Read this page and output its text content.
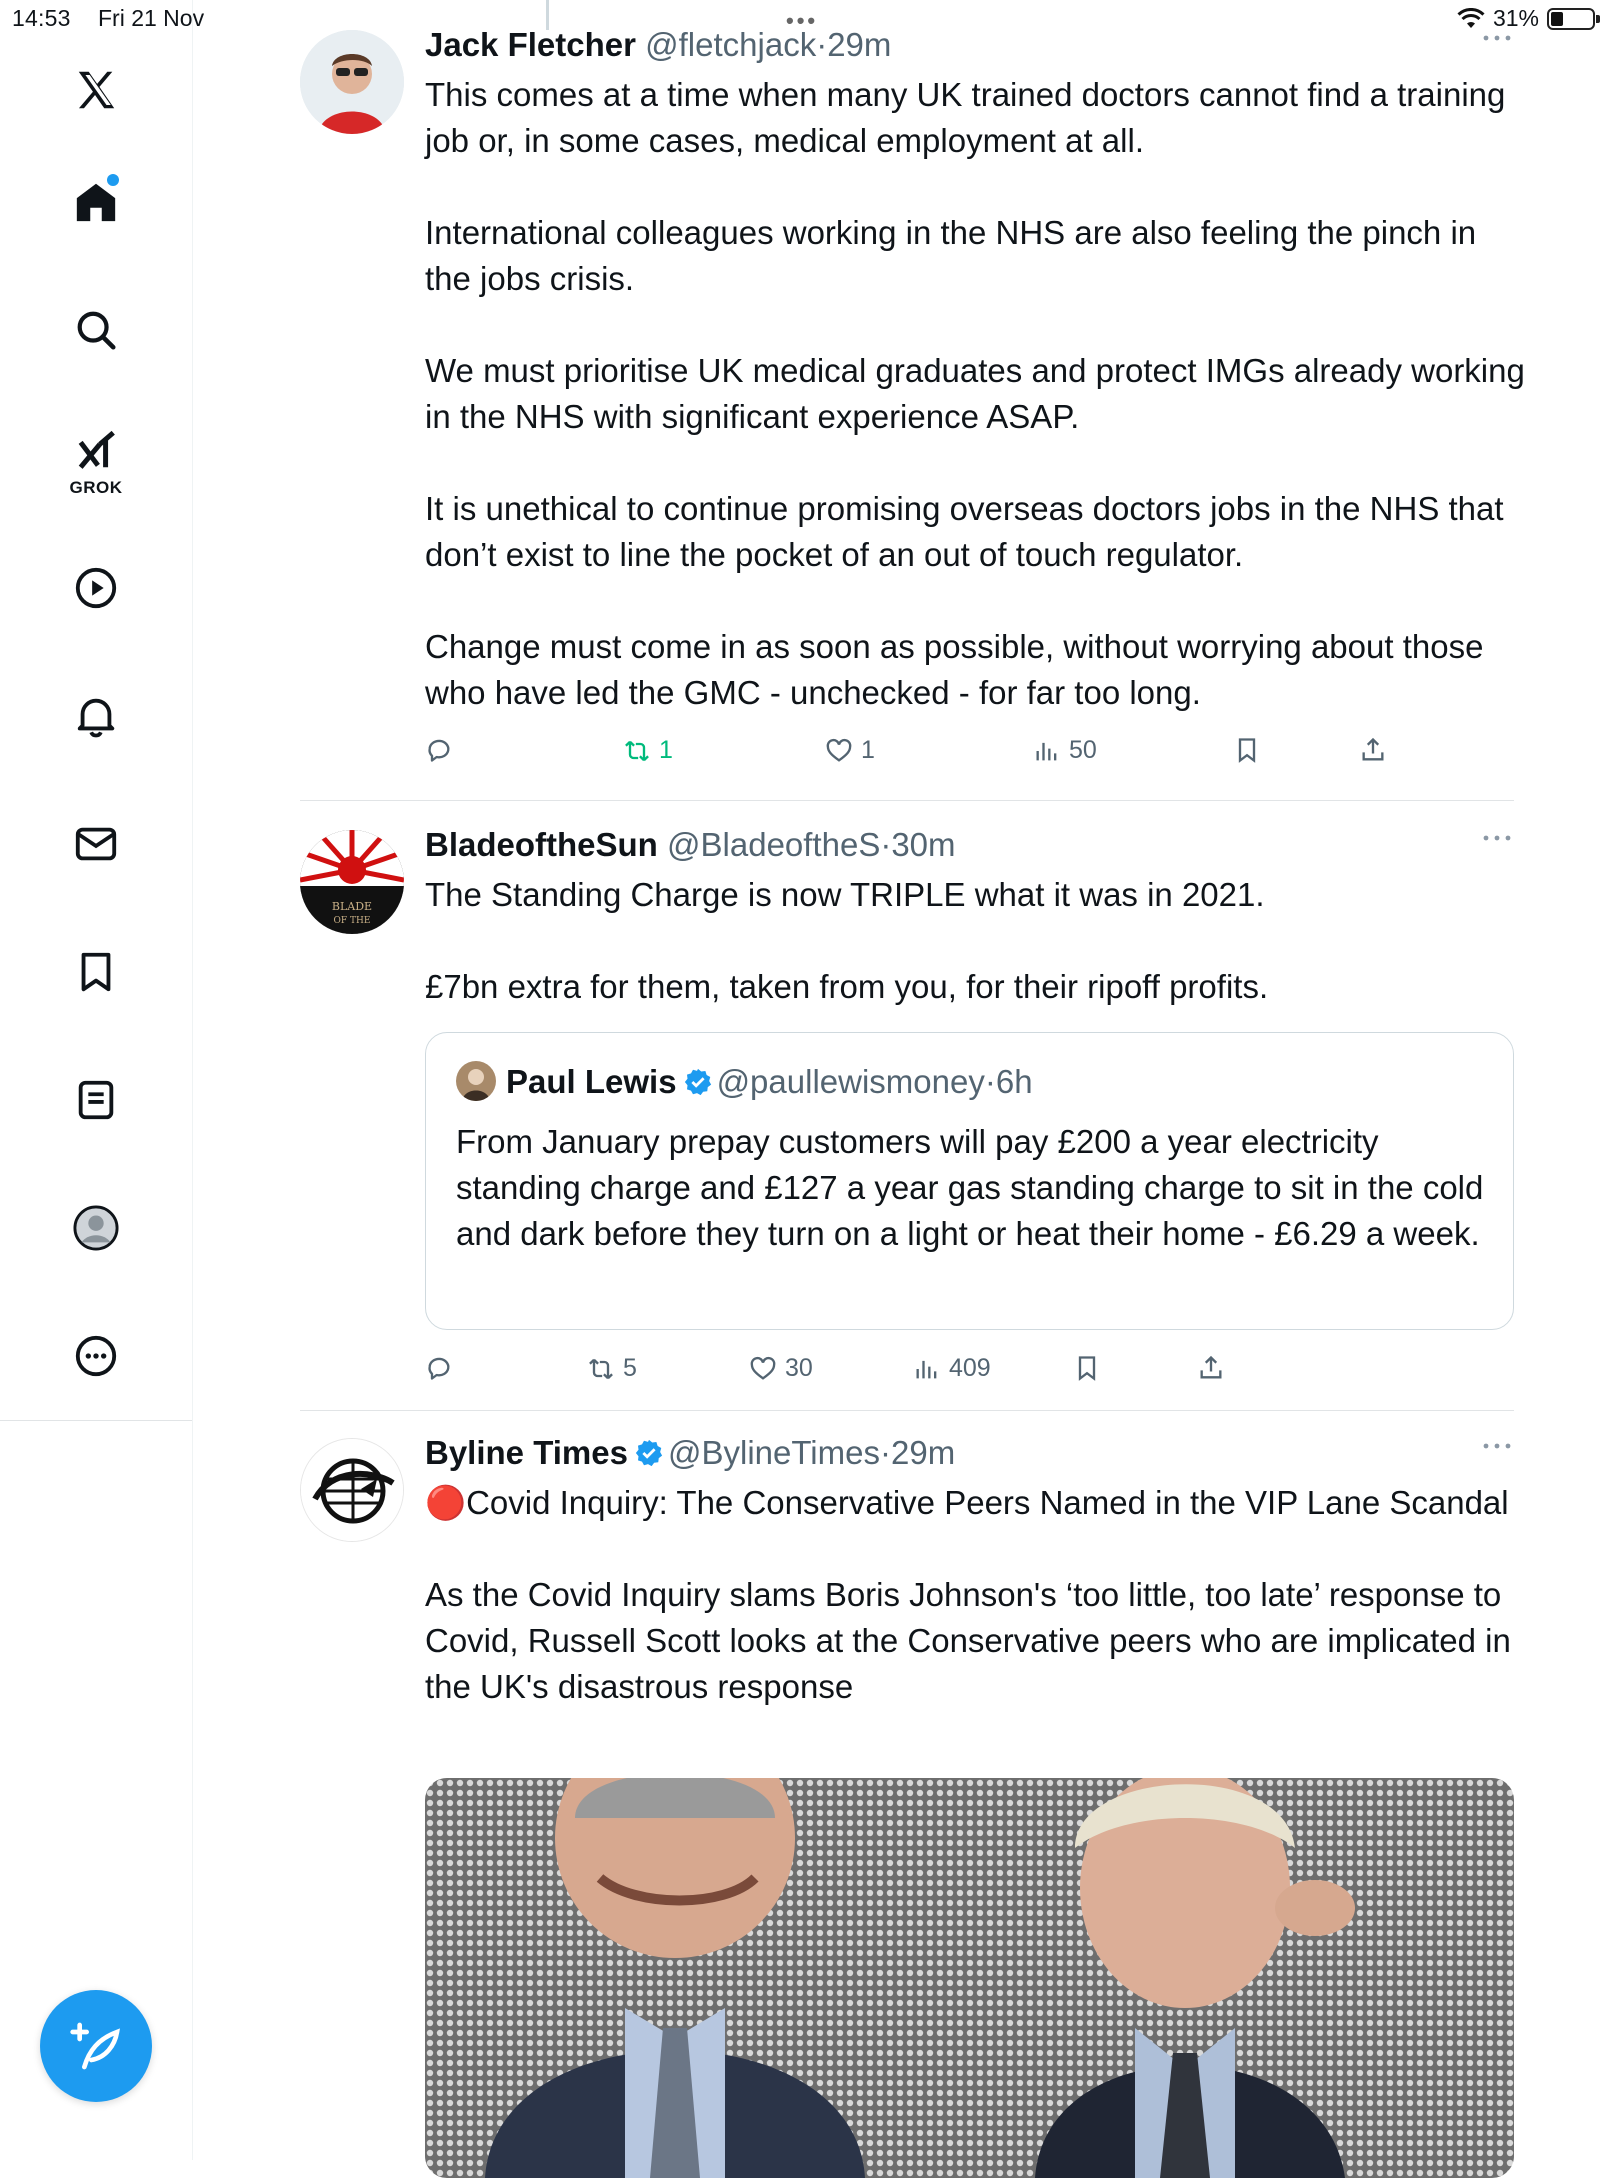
14:53 Fri 21 Nov	•••	31%
GROK
Jack Fletcher @fletchjack·29m
This comes at a time when many UK trained doctors cannot find a training job or, in some cases, medical employment at all.

International colleagues working in the NHS are also feeling the pinch in the jobs crisis.

We must prioritise UK medical graduates and protect IMGs already working in the NHS with significant experience ASAP.

It is unethical to continue promising overseas doctors jobs in the NHS that don’t exist to line the pocket of an out of touch regulator.

Change must come in as soon as possible, without worrying about those who have led the GMC - unchecked - for far too long.
1	1	50
BLADE
OF THE
BladeoftheSun @BladeoftheS·30m
The Standing Charge is now TRIPLE what it was in 2021.

£7bn extra for them, taken from you, for their ripoff profits.
Paul Lewis @paullewismoney·6h
From January prepay customers will pay £200 a year electricity standing charge and £127 a year gas standing charge to sit in the cold and dark before they turn on a light or heat their home - £6.29 a week.
5	30	409
Byline Times @BylineTimes·29m
🔴Covid Inquiry: The Conservative Peers Named in the VIP Lane Scandal

As the Covid Inquiry slams Boris Johnson's ‘too little, too late’ response to Covid, Russell Scott looks at the Conservative peers who are implicated in the UK's disastrous response
